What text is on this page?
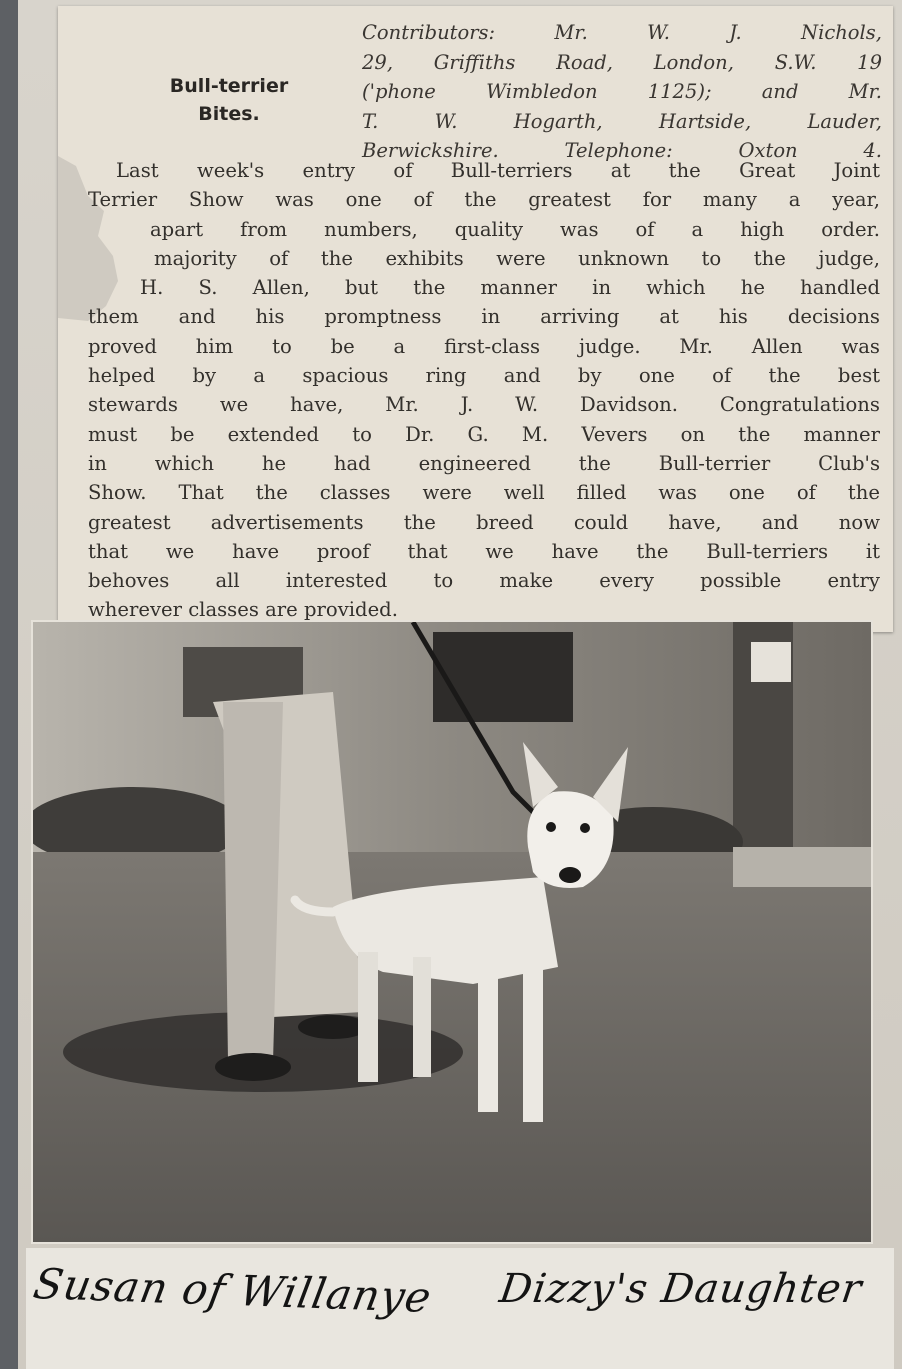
Bull-terrier
Bites.
Contributors: Mr. W. J. Nichols,
29, Griffiths Road, London, S.W. 19
('phone Wimbledon 1125); and Mr.
T. W. Hogarth, Hartside, Lauder,
Berwickshire. Telephone: Oxton 4.
Last week's entry of Bull-terriers at the Great Joint
Terrier Show was one of the greatest for many a year,
apart from numbers, quality was of a high order.
majority of the exhibits were unknown to the judge,
H. S. Allen, but the manner in which he handled
them and his promptness in arriving at his decisions
proved him to be a first-class judge. Mr. Allen was
helped by a spacious ring and by one of the best
stewards we have, Mr. J. W. Davidson. Congratulations
must be extended to Dr. G. M. Vevers on the manner
in which he had engineered the Bull-terrier Club's
Show. That the classes were well filled was one of the
greatest advertisements the breed could have, and now
that we have proof that we have the Bull-terriers it
behoves all interested to make every possible entry
wherever classes are provided.
Susan of Willanye Dizzy's Daughter
